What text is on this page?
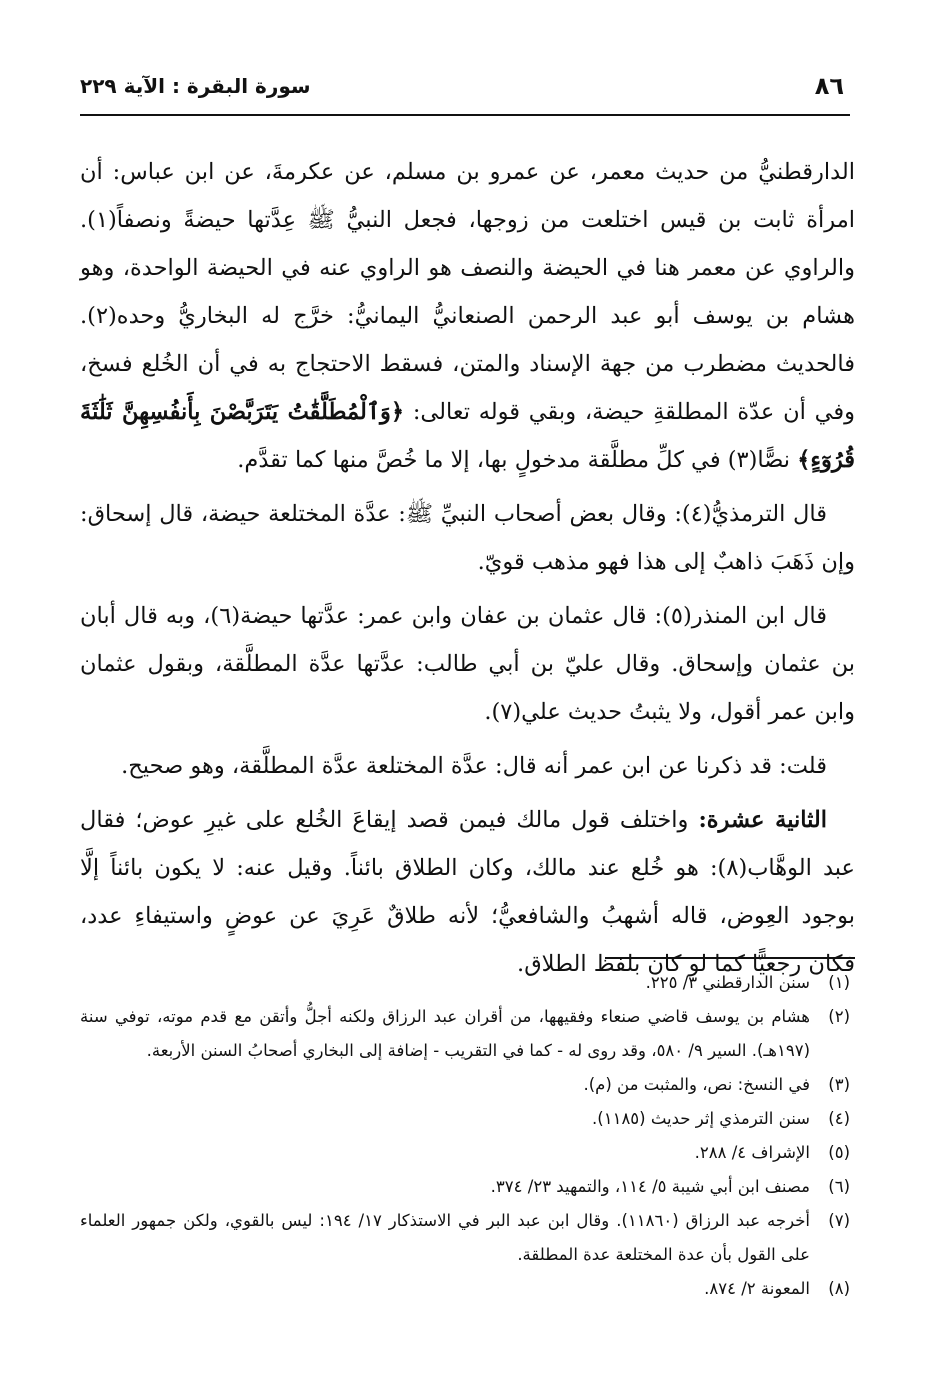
٨٦
سورة البقرة : الآية ٢٢٩

الدارقطنيُّ من حديث معمر، عن عمرو بن مسلم، عن عكرمةَ، عن ابن عباس: أن امرأة ثابت بن قيس اختلعت من زوجها، فجعل النبيُّ ﷺ عِدَّتها حيضةً ونصفاً(١). والراوي عن معمر هنا في الحيضة والنصف هو الراوي عنه في الحيضة الواحدة، وهو هشام بن يوسف أبو عبد الرحمن الصنعانيُّ اليمانيُّ: خرَّج له البخاريُّ وحده(٢). فالحديث مضطرب من جهة الإسناد والمتن، فسقط الاحتجاج به في أن الخُلع فسخ، وفي أن عدّة المطلقةِ حيضة، وبقي قوله تعالى: ﴿وَٱلْمُطَلَّقَٰتُ يَتَرَبَّصْنَ بِأَنفُسِهِنَّ ثَلَٰثَةَ قُرُوٓءٍ﴾ نصًّا(٣) في كلِّ مطلَّقة مدخولٍ بها، إلا ما خُصَّ منها كما تقدَّم.

قال الترمذيُّ(٤): وقال بعض أصحاب النبيِّ ﷺ: عدَّة المختلعة حيضة، قال إسحاق: وإن ذَهَبَ ذاهبٌ إلى هذا فهو مذهب قويّ.

قال ابن المنذر(٥): قال عثمان بن عفان وابن عمر: عدَّتها حيضة(٦)، وبه قال أبان بن عثمان وإسحاق. وقال عليّ بن أبي طالب: عدَّتها عدَّة المطلَّقة، وبقول عثمان وابن عمر أقول، ولا يثبتُ حديث علي(٧).

قلت: قد ذكرنا عن ابن عمر أنه قال: عدَّة المختلعة عدَّة المطلَّقة، وهو صحيح.

الثانية عشرة: واختلف قول مالك فيمن قصد إيقاعَ الخُلع على غيرِ عوض؛ فقال عبد الوهَّاب(٨): هو خُلع عند مالك، وكان الطلاق بائناً. وقيل عنه: لا يكون بائناً إلَّا بوجود العِوض، قاله أشهبُ والشافعيُّ؛ لأنه طلاقٌ عَرِيَ عن عوضٍ واستيفاءِ عدد، فكان رجعيًّا كما لو كان بلفظ الطلاق.

(١)
سنن الدارقطني ٣/ ٢٢٥.
(٢)
هشام بن يوسف قاضي صنعاء وفقيهها، من أقران عبد الرزاق ولكنه أجلُّ وأتقن مع قدم موته، توفي سنة (١٩٧هـ). السير ٩/ ٥٨٠، وقد روى له - كما في التقريب - إضافة إلى البخاري أصحابُ السنن الأربعة.
(٣)
في النسخ: نص، والمثبت من (م).
(٤)
سنن الترمذي إثر حديث (١١٨٥).
(٥)
الإشراف ٤/ ٢٨٨.
(٦)
مصنف ابن أبي شيبة ٥/ ١١٤، والتمهيد ٢٣/ ٣٧٤.
(٧)
أخرجه عبد الرزاق (١١٨٦٠). وقال ابن عبد البر في الاستذكار ١٧/ ١٩٤: ليس بالقوي، ولكن جمهور العلماء على القول بأن عدة المختلعة عدة المطلقة.
(٨)
المعونة ٢/ ٨٧٤.
